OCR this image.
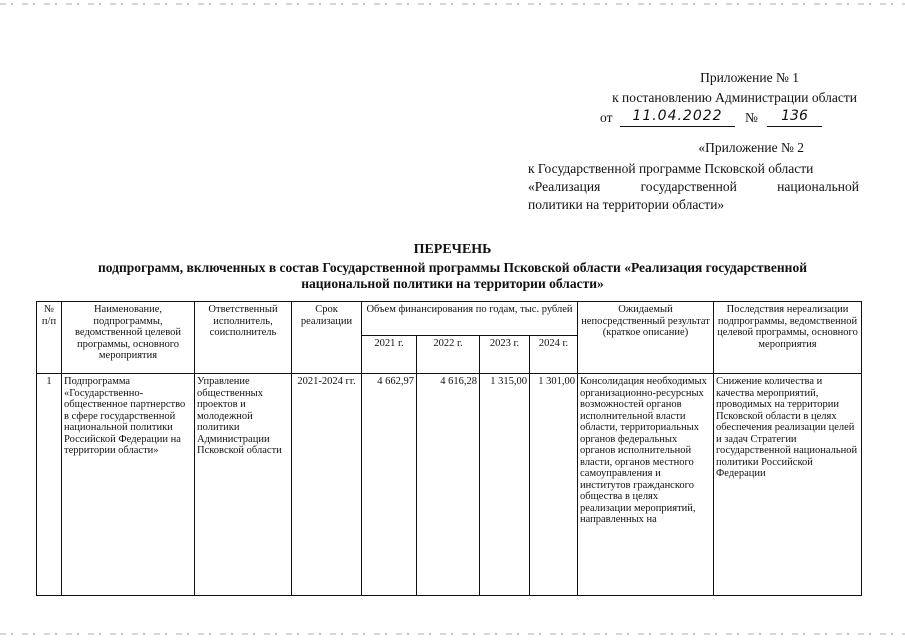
Приложение № 1
к постановлению Администрации области
от	11.04.2022	№	136
«Приложение № 2
к Государственной программе Псковской области
«Реализация	государственной	национальной
политики на территории области»
ПЕРЕЧЕНЬ
подпрограмм, включенных в состав Государственной программы Псковской области «Реализация государственной
национальной политики на территории области»
№ п/п	Наименование, подпрограммы, ведомственной целевой программы, основного мероприятия	Ответственный исполнитель, соисполнитель	Срок реализации	Объем финансирования по годам, тыс. рублей				Ожидаемый непосредственный результат (краткое описание)	Последствия нереализации подпрограммы, ведомственной целевой программы, основного мероприятия
				2021 г.	2022 г.	2023 г.	2024 г.		
1	Подпрограмма «Государственно-общественное партнерство в сфере государственной национальной политики Российской Федерации на территории области»	Управление общественных проектов и молодежной политики Администрации Псковской области	2021-2024 гг.	4 662,97	4 616,28	1 315,00	1 301,00	Консолидация необходимых организационно-ресурсных возможностей органов исполнительной власти области, территориальных органов федеральных органов исполнительной власти, органов местного самоуправления и институтов гражданского общества в целях реализации мероприятий, направленных на	Снижение количества и качества мероприятий, проводимых на территории Псковской области в целях обеспечения реализации целей и задач Стратегии государственной национальной политики Российской Федерации
